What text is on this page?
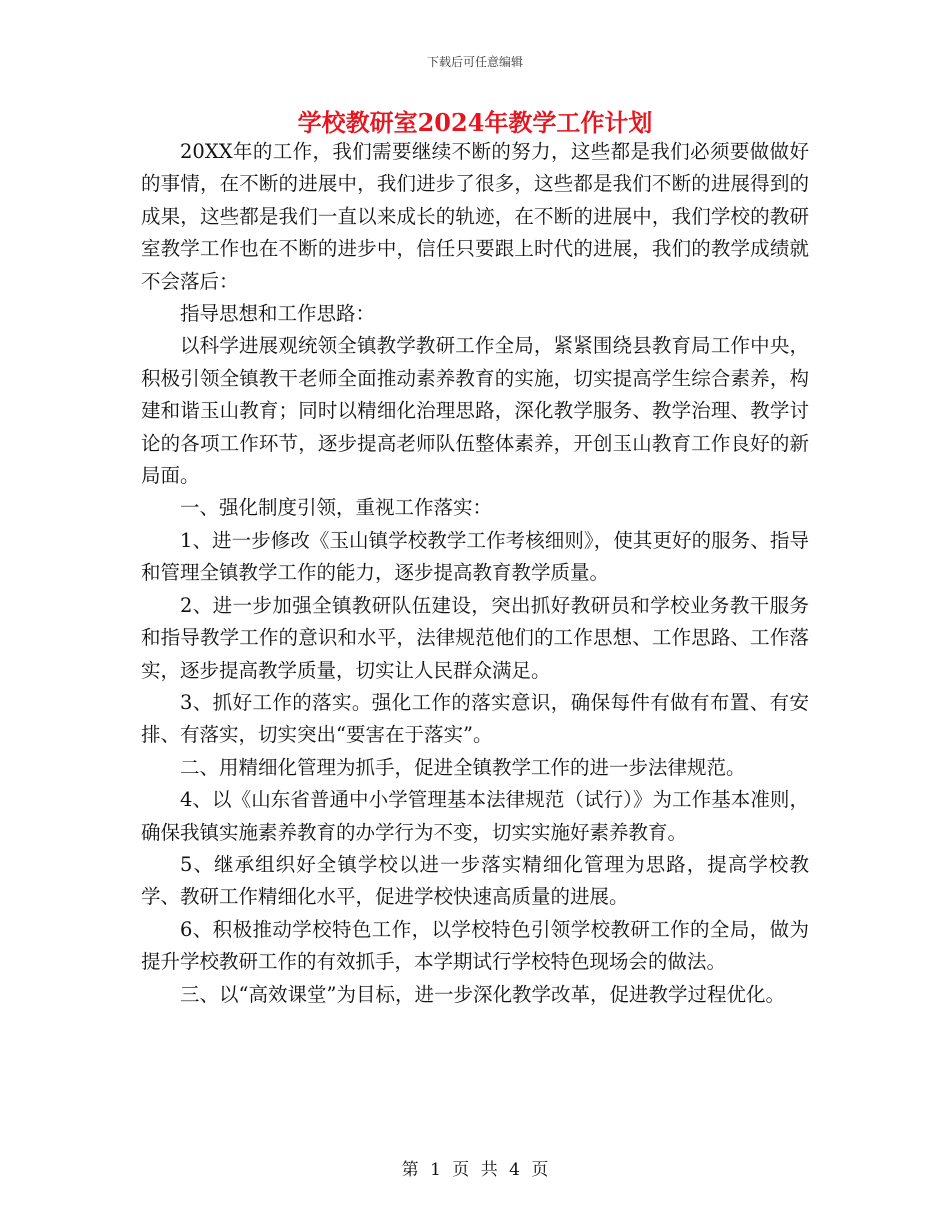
下载后可任意编辑
学校教研室2024年教学工作计划

20XX年的工作，我们需要继续不断的努力，这些都是我们必须要做做好的事情，在不断的进展中，我们进步了很多，这些都是我们不断的进展得到的成果，这些都是我们一直以来成长的轨迹，在不断的进展中，我们学校的教研室教学工作也在不断的进步中，信任只要跟上时代的进展，我们的教学成绩就不会落后：

指导思想和工作思路：

以科学进展观统领全镇教学教研工作全局，紧紧围绕县教育局工作中央，积极引领全镇教干老师全面推动素养教育的实施，切实提高学生综合素养，构建和谐玉山教育；同时以精细化治理思路，深化教学服务、教学治理、教学讨论的各项工作环节，逐步提高老师队伍整体素养，开创玉山教育工作良好的新局面。

一、强化制度引领，重视工作落实：

1、进一步修改《玉山镇学校教学工作考核细则》，使其更好的服务、指导和管理全镇教学工作的能力，逐步提高教育教学质量。

2、进一步加强全镇教研队伍建设，突出抓好教研员和学校业务教干服务和指导教学工作的意识和水平，法律规范他们的工作思想、工作思路、工作落实，逐步提高教学质量，切实让人民群众满足。

3、抓好工作的落实。强化工作的落实意识，确保每件有做有布置、有安排、有落实，切实突出“要害在于落实”。

二、用精细化管理为抓手，促进全镇教学工作的进一步法律规范。

4、以《山东省普通中小学管理基本法律规范（试行）》为工作基本准则，确保我镇实施素养教育的办学行为不变，切实实施好素养教育。

5、继承组织好全镇学校以进一步落实精细化管理为思路，提高学校教学、教研工作精细化水平，促进学校快速高质量的进展。

6、积极推动学校特色工作，以学校特色引领学校教研工作的全局，做为提升学校教研工作的有效抓手，本学期试行学校特色现场会的做法。

三、以“高效课堂”为目标，进一步深化教学改革，促进教学过程优化。

第 1 页 共 4 页
